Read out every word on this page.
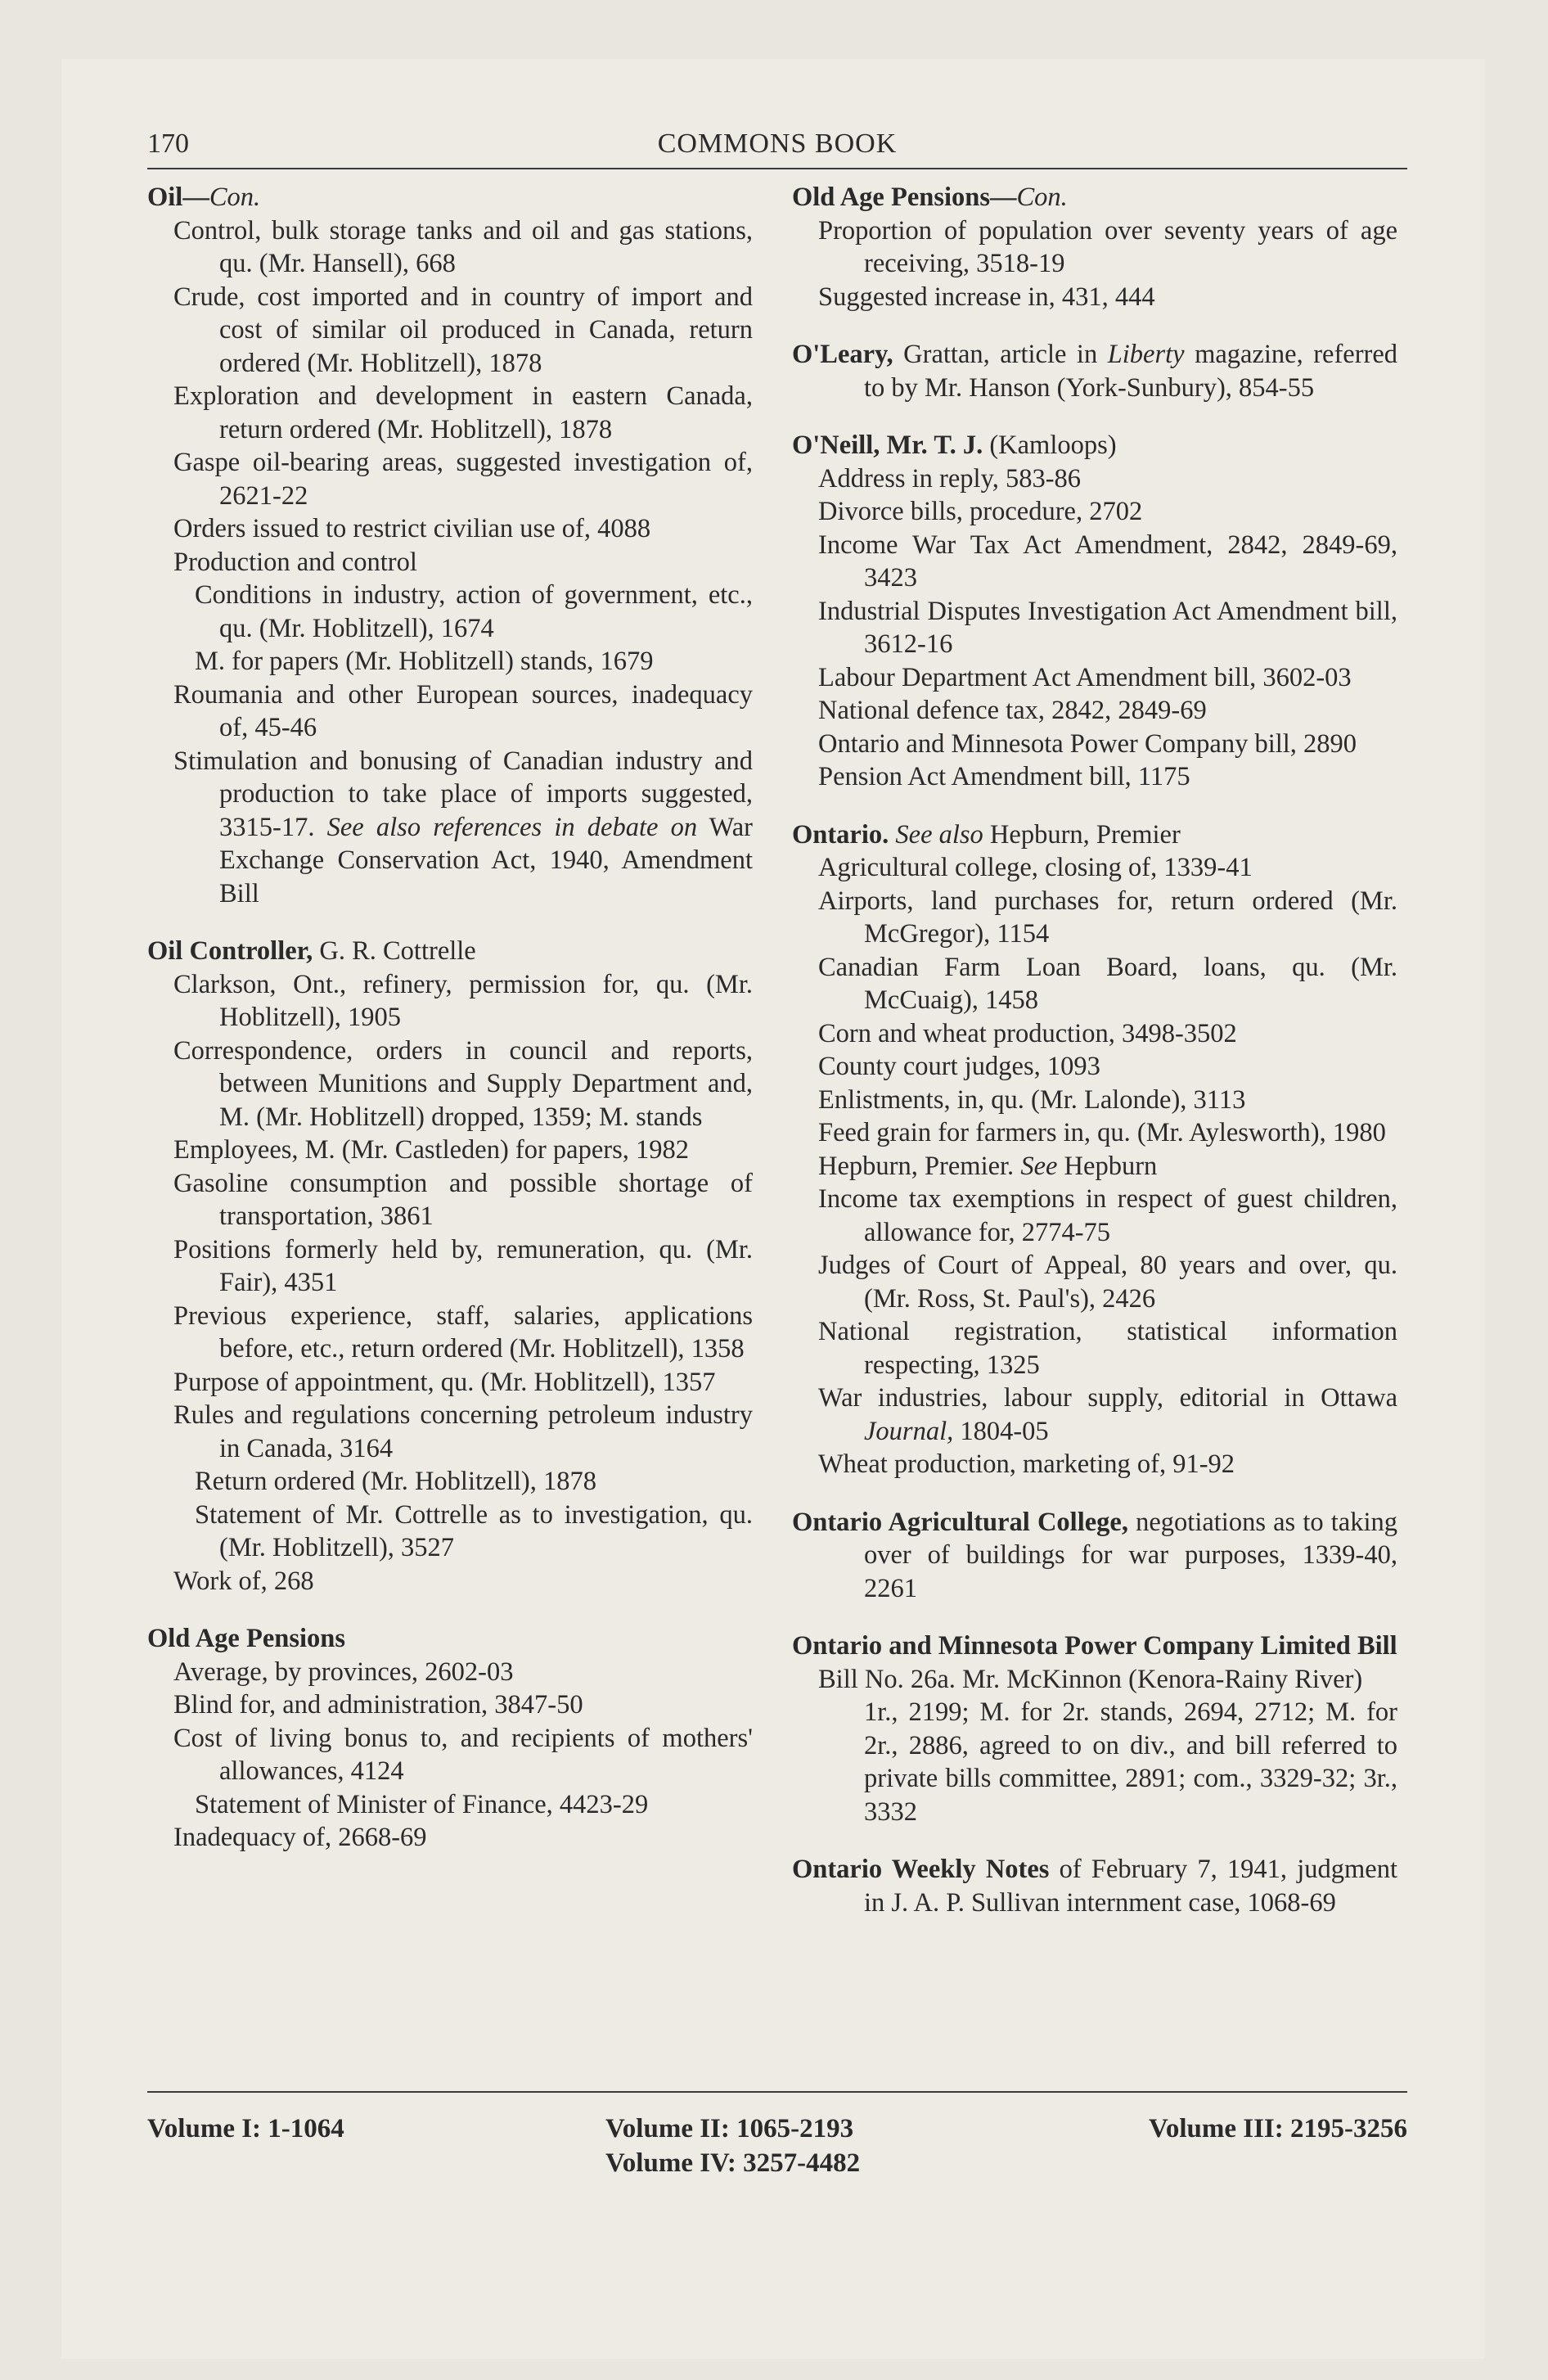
170	COMMONS BOOK
Oil—Con.
Control, bulk storage tanks and oil and gas stations, qu. (Mr. Hansell), 668
Crude, cost imported and in country of import and cost of similar oil produced in Canada, return ordered (Mr. Hoblitzell), 1878
Exploration and development in eastern Canada, return ordered (Mr. Hoblitzell), 1878
Gaspe oil-bearing areas, suggested investigation of, 2621-22
Orders issued to restrict civilian use of, 4088
Production and control
Conditions in industry, action of government, etc., qu. (Mr. Hoblitzell), 1674
M. for papers (Mr. Hoblitzell) stands, 1679
Roumania and other European sources, inadequacy of, 45-46
Stimulation and bonusing of Canadian industry and production to take place of imports suggested, 3315-17. See also references in debate on War Exchange Conservation Act, 1940, Amendment Bill
Oil Controller, G. R. Cottrelle
Clarkson, Ont., refinery, permission for, qu. (Mr. Hoblitzell), 1905
Correspondence, orders in council and reports, between Munitions and Supply Department and, M. (Mr. Hoblitzell) dropped, 1359; M. stands
Employees, M. (Mr. Castleden) for papers, 1982
Gasoline consumption and possible shortage of transportation, 3861
Positions formerly held by, remuneration, qu. (Mr. Fair), 4351
Previous experience, staff, salaries, applications before, etc., return ordered (Mr. Hoblitzell), 1358
Purpose of appointment, qu. (Mr. Hoblitzell), 1357
Rules and regulations concerning petroleum industry in Canada, 3164
Return ordered (Mr. Hoblitzell), 1878
Statement of Mr. Cottrelle as to investigation, qu. (Mr. Hoblitzell), 3527
Work of, 268
Old Age Pensions
Average, by provinces, 2602-03
Blind for, and administration, 3847-50
Cost of living bonus to, and recipients of mothers' allowances, 4124
Statement of Minister of Finance, 4423-29
Inadequacy of, 2668-69
Old Age Pensions—Con.
Proportion of population over seventy years of age receiving, 3518-19
Suggested increase in, 431, 444
O'Leary, Grattan, article in Liberty magazine, referred to by Mr. Hanson (York-Sunbury), 854-55
O'Neill, Mr. T. J. (Kamloops)
Address in reply, 583-86
Divorce bills, procedure, 2702
Income War Tax Act Amendment, 2842, 2849-69, 3423
Industrial Disputes Investigation Act Amendment bill, 3612-16
Labour Department Act Amendment bill, 3602-03
National defence tax, 2842, 2849-69
Ontario and Minnesota Power Company bill, 2890
Pension Act Amendment bill, 1175
Ontario. See also Hepburn, Premier
Agricultural college, closing of, 1339-41
Airports, land purchases for, return ordered (Mr. McGregor), 1154
Canadian Farm Loan Board, loans, qu. (Mr. McCuaig), 1458
Corn and wheat production, 3498-3502
County court judges, 1093
Enlistments, in, qu. (Mr. Lalonde), 3113
Feed grain for farmers in, qu. (Mr. Aylesworth), 1980
Hepburn, Premier. See Hepburn
Income tax exemptions in respect of guest children, allowance for, 2774-75
Judges of Court of Appeal, 80 years and over, qu. (Mr. Ross, St. Paul's), 2426
National registration, statistical information respecting, 1325
War industries, labour supply, editorial in Ottawa Journal, 1804-05
Wheat production, marketing of, 91-92
Ontario Agricultural College, negotiations as to taking over of buildings for war purposes, 1339-40, 2261
Ontario and Minnesota Power Company Limited Bill
Bill No. 26a. Mr. McKinnon (Kenora-Rainy River)
1r., 2199; M. for 2r. stands, 2694, 2712; M. for 2r., 2886, agreed to on div., and bill referred to private bills committee, 2891; com., 3329-32; 3r., 3332
Ontario Weekly Notes of February 7, 1941, judgment in J. A. P. Sullivan internment case, 1068-69
Volume I: 1-1064	Volume II: 1065-2193
Volume IV: 3257-4482
Volume III: 2195-3256
